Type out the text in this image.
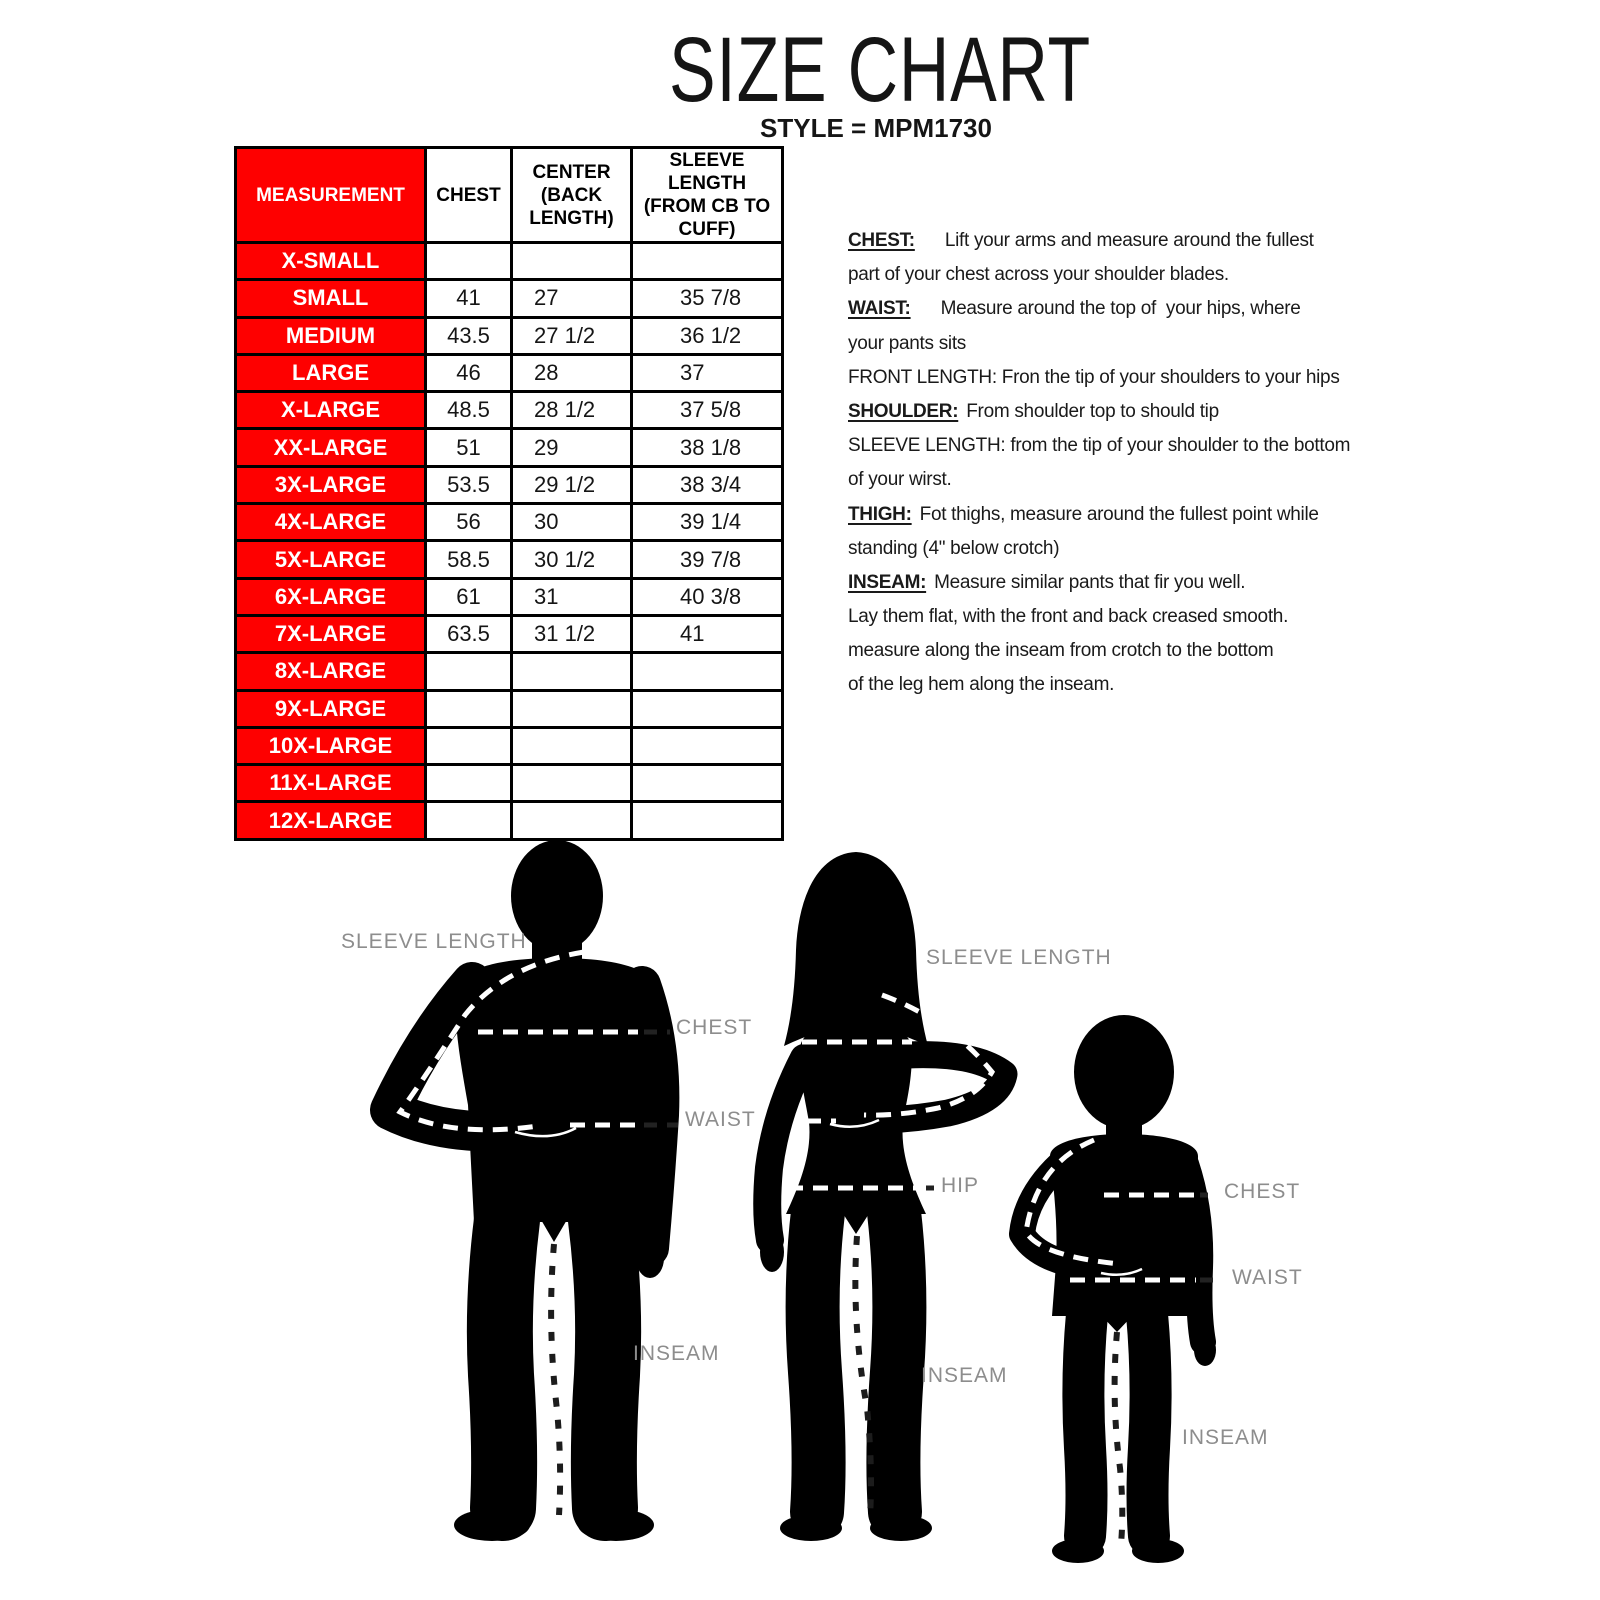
SIZE CHART
STYLE = MPM1730
MEASUREMENT	CHEST	CENTER
(BACK
LENGTH)	SLEEVE LENGTH
(FROM CB TO
CUFF)
X-SMALL			
SMALL	41	27	35 7/8
MEDIUM	43.5	27 1/2	36 1/2
LARGE	46	28	37
X-LARGE	48.5	28 1/2	37 5/8
XX-LARGE	51	29	38 1/8
3X-LARGE	53.5	29 1/2	38 3/4
4X-LARGE	56	30	39 1/4
5X-LARGE	58.5	30 1/2	39 7/8
6X-LARGE	61	31	40 3/8
7X-LARGE	63.5	31 1/2	41
8X-LARGE			
9X-LARGE			
10X-LARGE			
11X-LARGE			
12X-LARGE			
CHEST: Lift your arms and measure around the fullest
part of your chest across your shoulder blades.
WAIST: Measure around the top of  your hips, where
your pants sits
FRONT LENGTH: Fron the tip of your shoulders to your hips
SHOULDER: From shoulder top to should tip
SLEEVE LENGTH: from the tip of your shoulder to the bottom
of your wirst.
THIGH: Fot thighs, measure around the fullest point while
standing (4" below crotch)
INSEAM: Measure similar pants that fir you well.
Lay them flat, with the front and back creased smooth.
measure along the inseam from crotch to the bottom
of the leg hem along the inseam.
SLEEVE LENGTH
CHEST
WAIST
INSEAM
SLEEVE LENGTH
HIP
INSEAM
CHEST
WAIST
INSEAM
